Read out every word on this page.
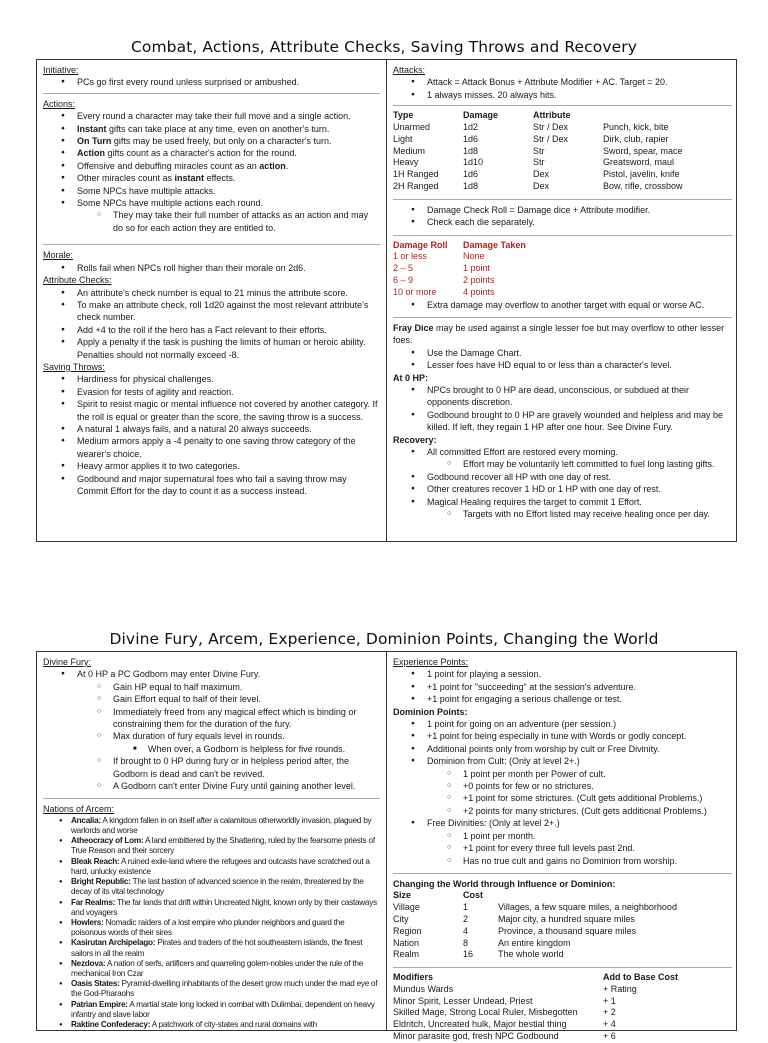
Combat, Actions, Attribute Checks, Saving Throws and Recovery
Initiative:
● PCs go first every round unless surprised or ambushed.
Actions:
● Every round a character may take their full move and a single action.
● Instant gifts can take place at any time, even on another's turn.
● On Turn gifts may be used freely, but only on a character's turn.
● Action gifts count as a character's action for the round.
● Offensive and debuffing miracles count as an action.
● Other miracles count as instant effects.
● Some NPCs have multiple attacks.
● Some NPCs have multiple actions each round.
○ They may take their full number of attacks as an action and may do so for each action they are entitled to.
Morale:
● Rolls fail when NPCs roll higher than their morale on 2d6.
Attribute Checks:
● An attribute's check number is equal to 21 minus the attribute score.
● To make an attribute check, roll 1d20 against the most relevant attribute's check number.
● Add +4 to the roll if the hero has a Fact relevant to their efforts.
● Apply a penalty if the task is pushing the limits of human or heroic ability. Penalties should not normally exceed -8.
Saving Throws:
● Hardiness for physical challenges.
● Evasion for tests of agility and reaction.
● Spirit to resist magic or mental influence not covered by another category. If the roll is equal or greater than the score, the saving throw is a success.
● A natural 1 always fails, and a natural 20 always succeeds.
● Medium armors apply a -4 penalty to one saving throw category of the wearer's choice.
● Heavy armor applies it to two categories.
● Godbound and major supernatural foes who fail a saving throw may Commit Effort for the day to count it as a success instead.
Attacks:
● Attack = Attack Bonus + Attribute Modifier + AC. Target = 20.
● 1 always misses. 20 always hits.
Type	Damage	Attribute	
Unarmed	1d2	Str / Dex	Punch, kick, bite
Light	1d6	Str / Dex	Dirk, club, rapier
Medium	1d8	Str	Sword, spear, mace
Heavy	1d10	Str	Greatsword, maul
1H Ranged	1d6	Dex	Pistol, javelin, knife
2H Ranged	1d8	Dex	Bow, rifle, crossbow
● Damage Check Roll = Damage dice + Attribute modifier.
● Check each die separately.
Damage Roll	Damage Taken
1 or less	None
2 – 5	1 point
6 – 9	2 points
10 or more	4 points
● Extra damage may overflow to another target with equal or worse AC.
Fray Dice may be used against a single lesser foe but may overflow to other lesser foes.
● Use the Damage Chart.
● Lesser foes have HD equal to or less than a character's level.
At 0 HP:
● NPCs brought to 0 HP are dead, unconscious, or subdued at their opponents discretion.
● Godbound brought to 0 HP are gravely wounded and helpless and may be killed. If left, they regain 1 HP after one hour. See Divine Fury.
Recovery:
● All committed Effort are restored every morning.
○ Effort may be voluntarily left committed to fuel long lasting gifts.
● Godbound recover all HP with one day of rest.
● Other creatures recover 1 HD or 1 HP with one day of rest.
● Magical Healing requires the target to commit 1 Effort.
○ Targets with no Effort listed may receive healing once per day.
Divine Fury, Arcem, Experience, Dominion Points, Changing the World
Divine Fury:
● At 0 HP a PC Godborn may enter Divine Fury.
○ Gain HP equal to half maximum.
○ Gain Effort equal to half of their level.
○ Immediately freed from any magical effect which is binding or constraining them for the duration of the fury.
○ Max duration of fury equals level in rounds.
■ When over, a Godborn is helpless for five rounds.
○ If brought to 0 HP during fury or in helpless period after, the Godborn is dead and can't be revived.
○ A Godborn can't enter Divine Fury until gaining another level.
Nations of Arcem:
● Ancalia: A kingdom fallen in on itself after a calamitous otherworldly invasion, plagued by warlords and worse
● Atheocracy of Lom: A land embittered by the Shattering, ruled by the fearsome priests of True Reason and their sorcery
● Bleak Reach: A ruined exile-land where the refugees and outcasts have scratched out a hard, unlucky existence
● Bright Republic: The last bastion of advanced science in the realm, threatened by the decay of its vital technology
● Far Realms: The far lands that drift within Uncreated Night, known only by their castaways and voyagers
● Howlers: Nomadic raiders of a lost empire who plunder neighbors and guard the poisonous words of their sires
● Kasirutan Archipelago: Pirates and traders of the hot southeastern islands, the finest sailors in all the realm
● Nezdova: A nation of serfs, artificers and quarreling golem-nobles under the rule of the mechanical Iron Czar
● Oasis States: Pyramid-dwelling inhabitants of the desert grow much under the mad eye of the God-Pharaohs
● Patrian Empire: A martial state long locked in combat with Dulimbai, dependent on heavy infantry and slave labor
● Raktine Confederacy: A patchwork of city-states and rural domains with
Experience Points:
● 1 point for playing a session.
● +1 point for "succeeding" at the session's adventure.
● +1 point for engaging a serious challenge or test.
Dominion Points:
● 1 point for going on an adventure (per session.)
● +1 point for being especially in tune with Words or godly concept.
● Additional points only from worship by cult or Free Divinity.
● Dominion from Cult: (Only at level 2+.)
○ 1 point per month per Power of cult.
○ +0 points for few or no strictures.
○ +1 point for some strictures. (Cult gets additional Problems.)
○ +2 points for many strictures. (Cult gets additional Problems.)
● Free Divinities: (Only at level 2+.)
○ 1 point per month.
○ +1 point for every three full levels past 2nd.
○ Has no true cult and gains no Dominion from worship.
Changing the World through Influence or Dominion:
Size	Cost	
Village	1	Villages, a few square miles, a neighborhood
City	2	Major city, a hundred square miles
Region	4	Province, a thousand square miles
Nation	8	An entire kingdom
Realm	16	The whole world
Modifiers	Add to Base Cost
Mundus Wards	+ Rating
Minor Spirit, Lesser Undead, Priest	+ 1
Skilled Mage, Strong Local Ruler, Misbegotten	+ 2
Eldritch, Uncreated hulk, Major bestial thing	+ 4
Minor parasite god, fresh NPC Godbound	+ 6
